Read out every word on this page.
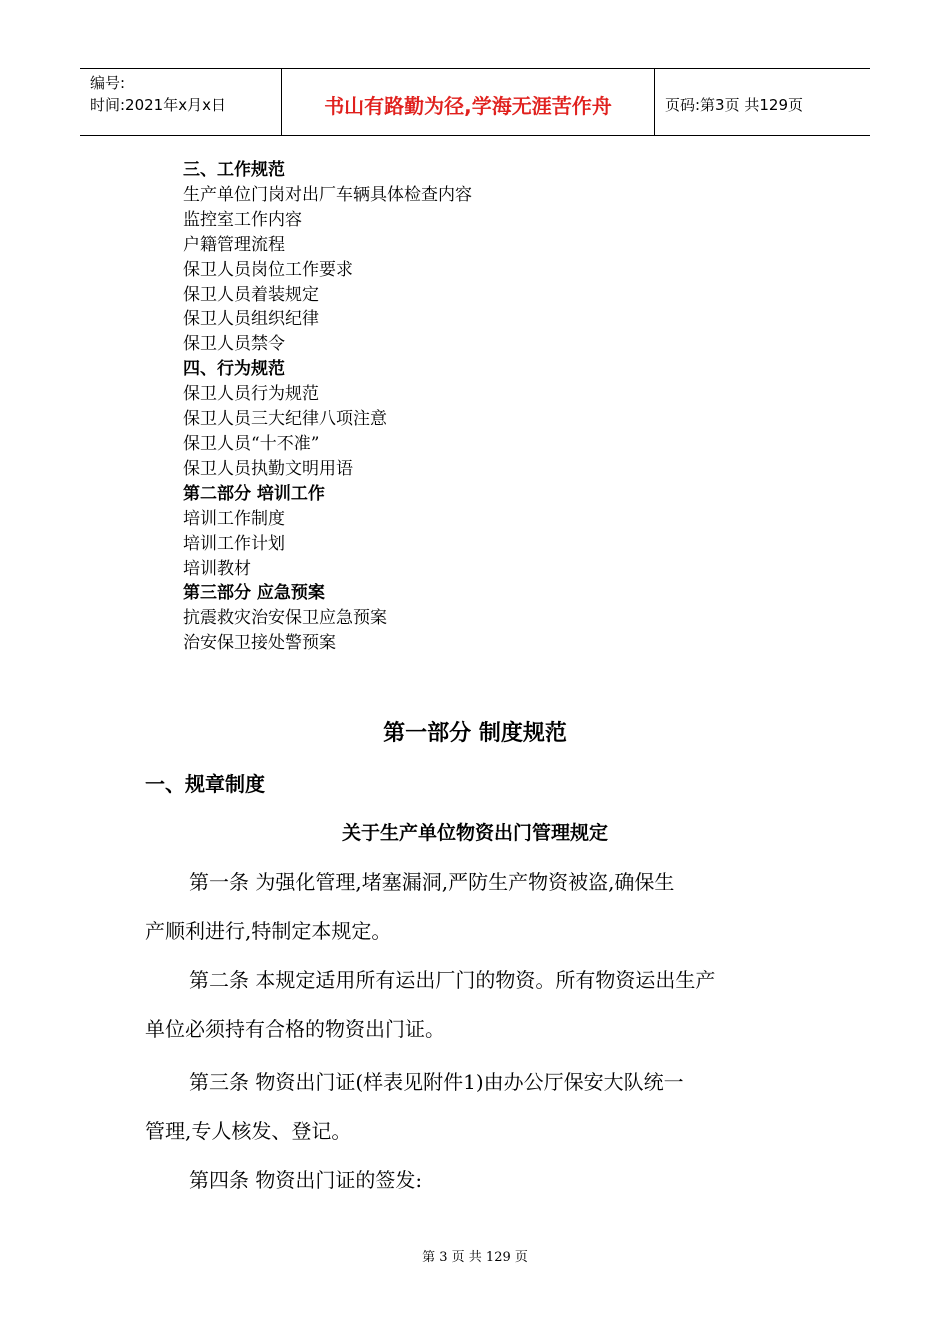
编号:
时间:2021年x月x日	书山有路勤为径,学海无涯苦作舟	页码:第3页 共129页
三、工作规范
生产单位门岗对出厂车辆具体检查内容
监控室工作内容
户籍管理流程
保卫人员岗位工作要求
保卫人员着装规定
保卫人员组织纪律
保卫人员禁令
四、行为规范
保卫人员行为规范
保卫人员三大纪律八项注意
保卫人员“十不准”
保卫人员执勤文明用语
第二部分 培训工作
培训工作制度
培训工作计划
培训教材
第三部分 应急预案
抗震救灾治安保卫应急预案
治安保卫接处警预案
第一部分 制度规范
一、规章制度
关于生产单位物资出门管理规定
第一条 为强化管理,堵塞漏洞,严防生产物资被盗,确保生
产顺利进行,特制定本规定。
第二条 本规定适用所有运出厂门的物资。所有物资运出生产
单位必须持有合格的物资出门证。
第三条 物资出门证(样表见附件1)由办公厅保安大队统一
管理,专人核发、登记。
第四条 物资出门证的签发:
第 3 页 共 129 页
